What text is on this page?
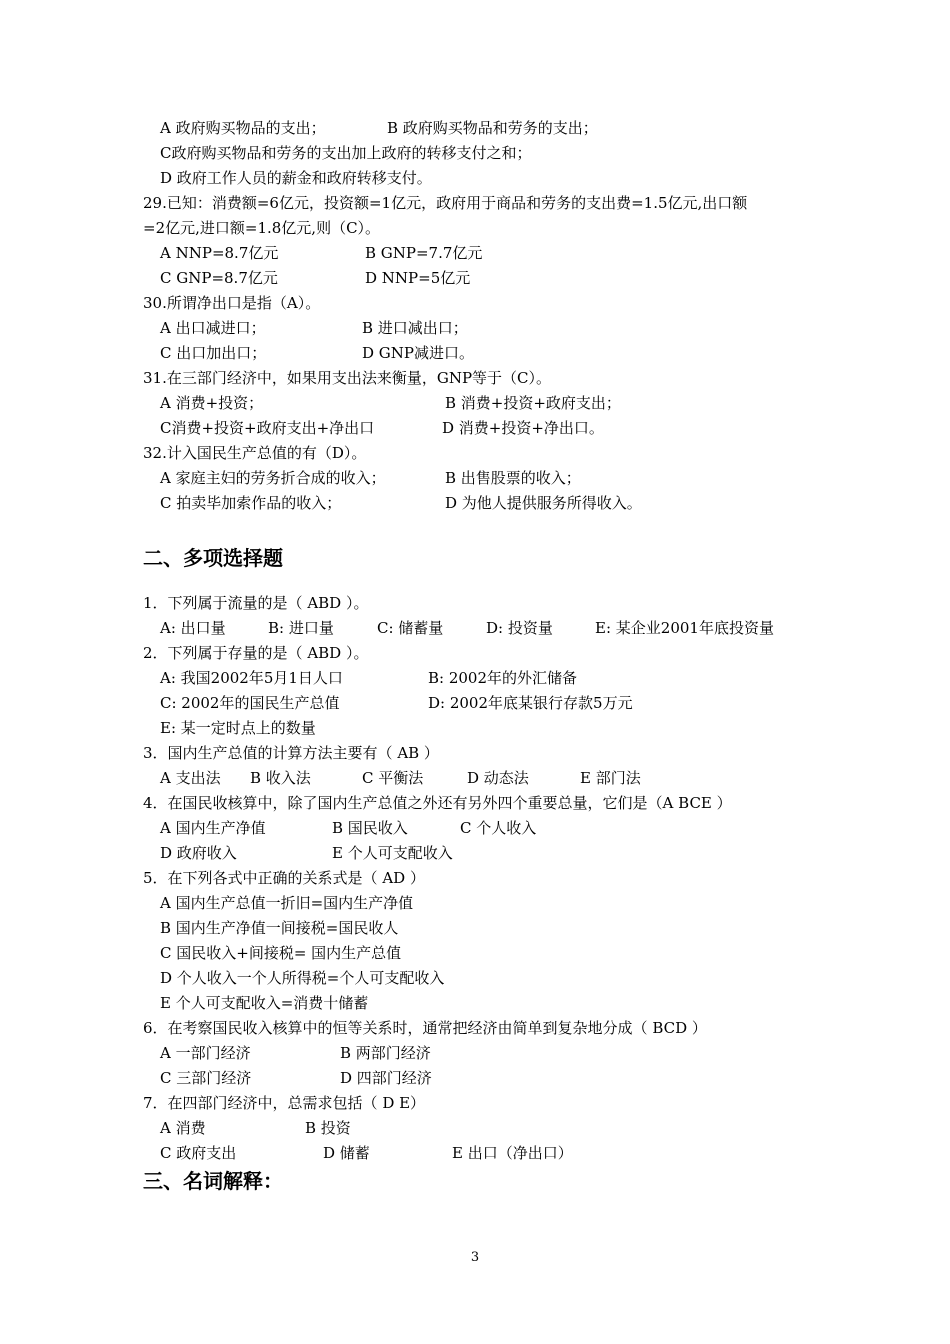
A 政府购买物品的支出；	B 政府购买物品和劳务的支出；
C政府购买物品和劳务的支出加上政府的转移支付之和；
D 政府工作人员的薪金和政府转移支付。
29.已知：消费额=6亿元，投资额=1亿元，政府用于商品和劳务的支出费=1.5亿元,出口额
=2亿元,进口额=1.8亿元,则（C）。
A NNP=8.7亿元	B GNP=7.7亿元
C GNP=8.7亿元	D NNP=5亿元
30.所谓净出口是指（A）。
A 出口减进口；	B 进口减出口；
C 出口加出口；	D GNP减进口。
31.在三部门经济中，如果用支出法来衡量，GNP等于（C）。
A 消费+投资；	B 消费+投资+政府支出；
C消费+投资+政府支出+净出口	D 消费+投资+净出口。
32.计入国民生产总值的有（D）。
A 家庭主妇的劳务折合成的收入；	B 出售股票的收入；
C 拍卖毕加索作品的收入；	D 为他人提供服务所得收入。
二、多项选择题
1．下列属于流量的是（ ABD ）。
A: 出口量	B: 进口量	C: 储蓄量	D: 投资量	E: 某企业2001年底投资量
2．下列属于存量的是（ ABD ）。
A: 我国2002年5月1日人口	B: 2002年的外汇储备
C: 2002年的国民生产总值	D: 2002年底某银行存款5万元
E: 某一定时点上的数量
3．国内生产总值的计算方法主要有（ AB ）
A 支出法 B 收入法	C 平衡法	D 动态法	E 部门法
4．在国民收核算中，除了国内生产总值之外还有另外四个重要总量，它们是（A BCE ）
A 国内生产净值	B 国民收入	C 个人收入
D 政府收入	E 个人可支配收入
5．在下列各式中正确的关系式是（ AD ）
A 国内生产总值一折旧=国内生产净值
B 国内生产净值一间接税=国民收人
C 国民收入+间接税= 国内生产总值
D 个人收入一个人所得税=个人可支配收入
E 个人可支配收入=消费十储蓄
6．在考察国民收入核算中的恒等关系时，通常把经济由简单到复杂地分成（ BCD ）
A 一部门经济	B 两部门经济
C 三部门经济	D 四部门经济
7．在四部门经济中，总需求包括（ D E）
A 消费	B 投资
C 政府支出	D 储蓄	E 出口（净出口）
三、名词解释：
3
